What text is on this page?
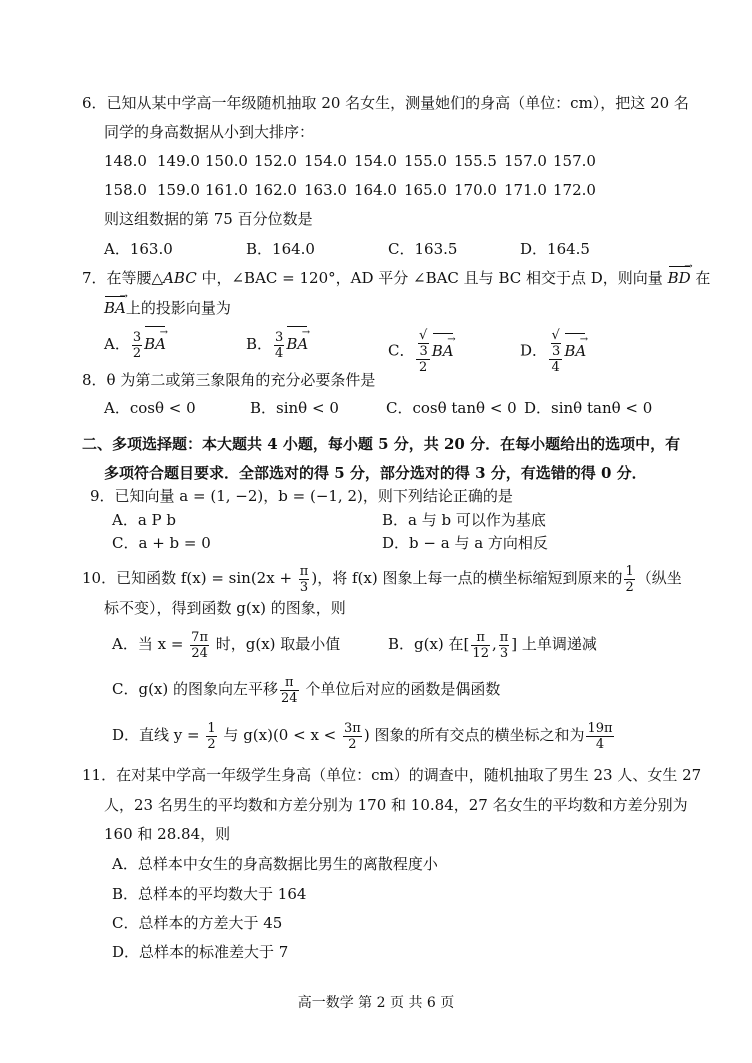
6．已知从某中学高一年级随机抽取 20 名女生，测量她们的身高（单位：cm），把这 20 名
同学的身高数据从小到大排序：
148.0 149.0 150.0 152.0 154.0 154.0 155.0 155.5 157.0 157.0
158.0 159.0 161.0 162.0 163.0 164.0 165.0 170.0 171.0 172.0
则这组数据的第 75 百分位数是
A．163.0	B．164.0	C．163.5	D．164.5
7．在等腰△ABC 中，∠BAC = 120°，AD 平分 ∠BAC 且与 BC 相交于点 D，则向量 BD → 在
BA →上的投影向量为
A． $\frac{3}{2}$ BA →	B． $\frac{3}{4}$ BA →	C． √
3
2 BA →	D． √
3
4 BA →
8．θ 为第二或第三象限角的充分必要条件是
A．cosθ < 0	B．sinθ < 0	C．cosθ tanθ < 0 D．sinθ tanθ < 0
二、多项选择题：本大题共 4 小题，每小题 5 分，共 20 分．在每小题给出的选项中，有
多项符合题目要求．全部选对的得 5 分，部分选对的得 3 分，有选错的得 0 分．
9．已知向量 a = (1, −2)，b = (−1, 2)，则下列结论正确的是
A．a P b	B．a 与 b 可以作为基底
C．a + b = 0	D．b − a 与 a 方向相反
10．已知函数 $f(x) = \sin(2x + \frac{\pi}{3}$ )，将 f(x) 图象上每一点的横坐标缩短到原来的 $\frac{1}{2}$ （纵坐
标不变），得到函数 g(x) 的图象，则
A．当 $x = \frac{7\pi}{24}$ 时，g(x) 取最小值	B．g(x) 在[ $\frac{\pi}{12}$ , $\frac{\pi}{3}$ ] 上单调递减
C．g(x) 的图象向左平移 $\frac{\pi}{24}$ 个单位后对应的函数是偶函数
D．直线 $y = \frac{1}{2}$ 与 $g(x)(0 < x < \frac{3\pi}{2}$ ) 图象的所有交点的横坐标之和为 $\frac{19\pi}{4}$
11．在对某中学高一年级学生身高（单位：cm）的调查中，随机抽取了男生 23 人、女生 27
人，23 名男生的平均数和方差分别为 170 和 10.84，27 名女生的平均数和方差分别为
160 和 28.84，则
A．总样本中女生的身高数据比男生的离散程度小
B．总样本的平均数大于 164
C．总样本的方差大于 45
D．总样本的标准差大于 7
高一数学 第 2 页 共 6 页
